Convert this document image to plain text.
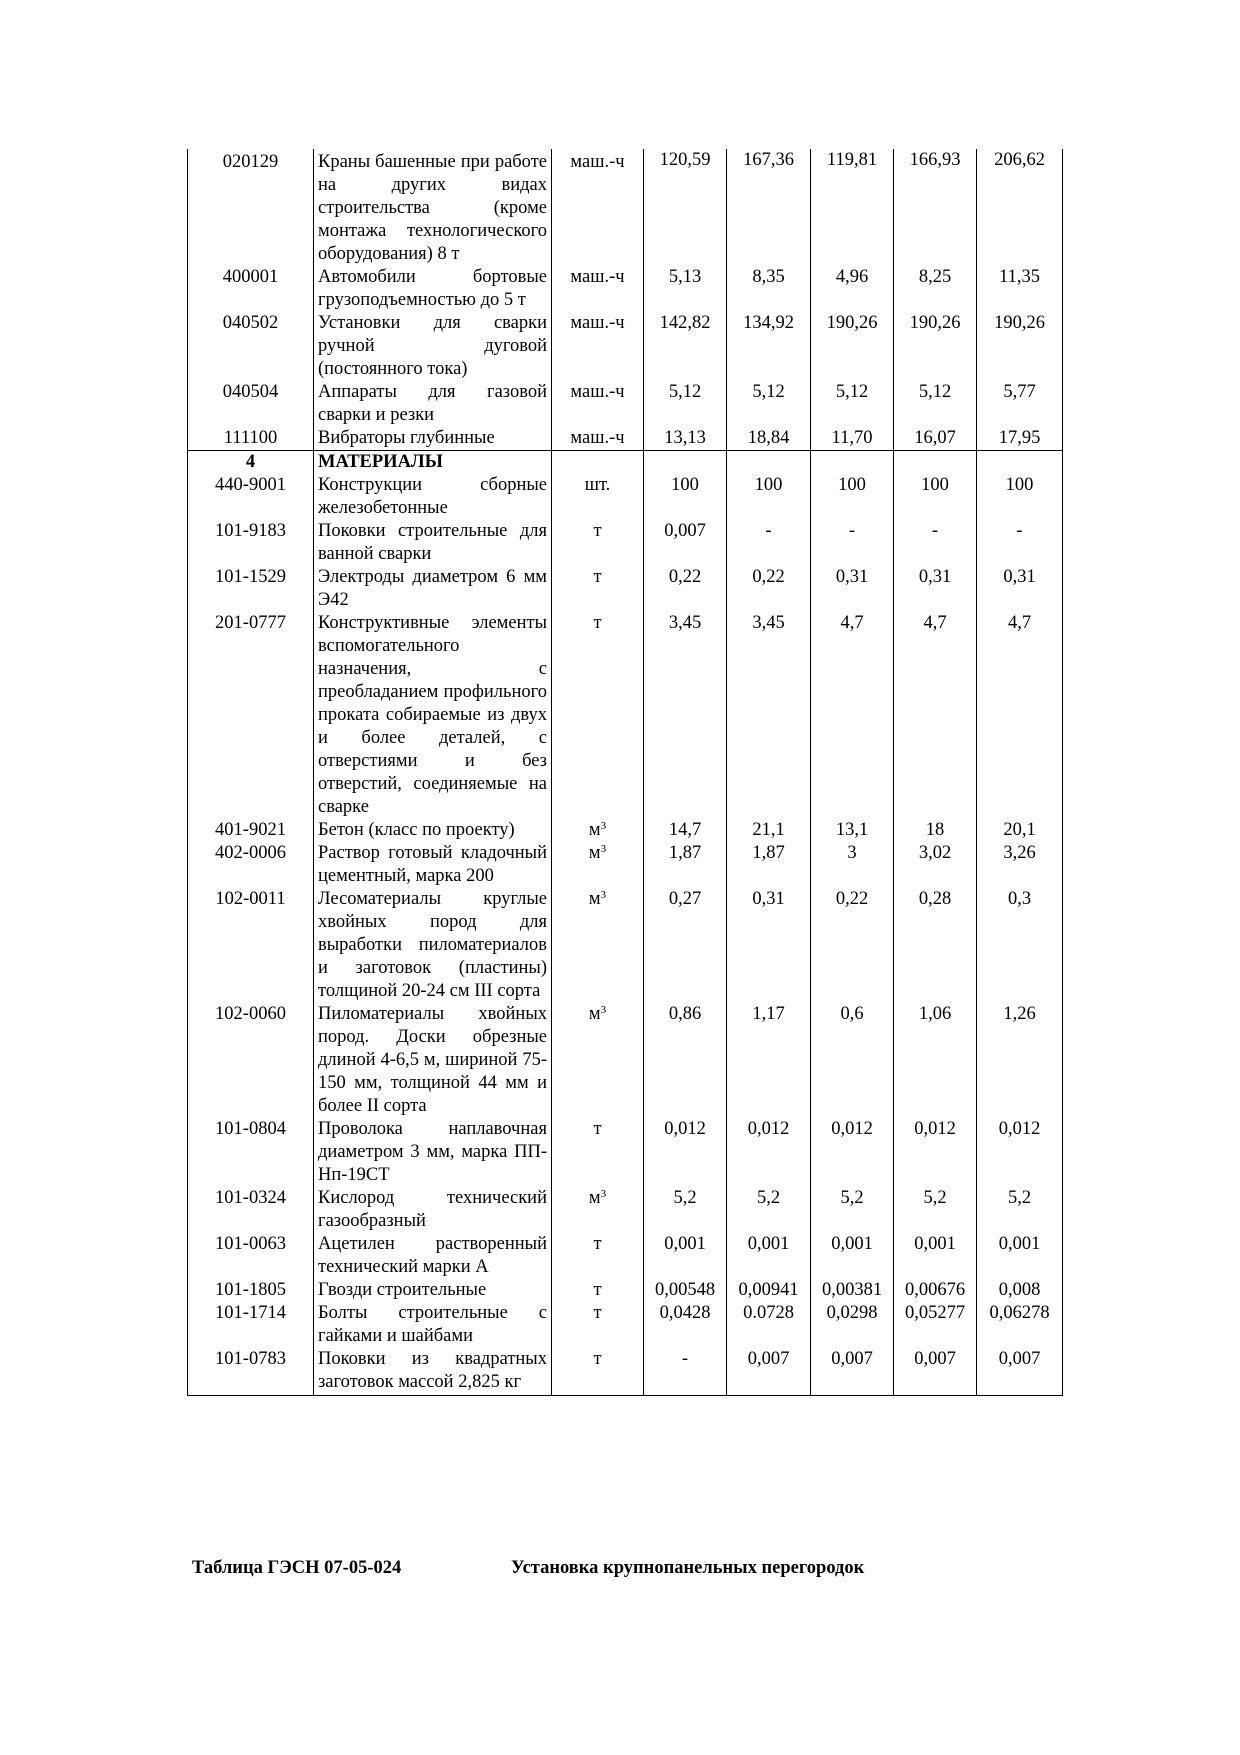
020129	Краны башенные при работе на других видах строительства (кроме монтажа технологического оборудования) 8 т	маш.-ч	120,59	167,36	119,81	166,93	206,62
400001	Автомобили бортовые грузоподъемностью до 5 т	маш.-ч	5,13	8,35	4,96	8,25	11,35
040502	Установки для сварки ручной дуговой (постоянного тока)	маш.-ч	142,82	134,92	190,26	190,26	190,26
040504	Аппараты для газовой сварки и резки	маш.-ч	5,12	5,12	5,12	5,12	5,77
111100	Вибраторы глубинные	маш.-ч	13,13	18,84	11,70	16,07	17,95
4	МАТЕРИАЛЫ						
440-9001	Конструкции сборные железобетонные	шт.	100	100	100	100	100
101-9183	Поковки строительные для ванной сварки	т	0,007	-	-	-	-
101-1529	Электроды диаметром 6 мм Э42	т	0,22	0,22	0,31	0,31	0,31
201-0777	Конструктивные элементы вспомогательного назначения, с преобладанием профильного проката собираемые из двух и более деталей, с отверстиями и без отверстий, соединяемые на сварке	т	3,45	3,45	4,7	4,7	4,7
401-9021	Бетон (класс по проекту)	$м^3$	14,7	21,1	13,1	18	20,1
402-0006	Раствор готовый кладочный цементный, марка 200	$м^3$	1,87	1,87	3	3,02	3,26
102-0011	Лесоматериалы круглые хвойных пород для выработки пиломатериалов и заготовок (пластины) толщиной 20-24 см III сорта	$м^3$	0,27	0,31	0,22	0,28	0,3
102-0060	Пиломатериалы хвойных пород. Доски обрезные длиной 4-6,5 м, шириной 75-150 мм, толщиной 44 мм и более II сорта	$м^3$	0,86	1,17	0,6	1,06	1,26
101-0804	Проволока наплавочная диаметром 3 мм, марка ПП-Нп-19СТ	т	0,012	0,012	0,012	0,012	0,012
101-0324	Кислород технический газообразный	$м^3$	5,2	5,2	5,2	5,2	5,2
101-0063	Ацетилен растворенный технический марки А	т	0,001	0,001	0,001	0,001	0,001
101-1805	Гвозди строительные	т	0,00548	0,00941	0,00381	0,00676	0,008
101-1714	Болты строительные с гайками и шайбами	т	0,0428	0.0728	0,0298	0,05277	0,06278
101-0783	Поковки из квадратных заготовок массой 2,825 кг	т	-	0,007	0,007	0,007	0,007
Таблица ГЭСН 07-05-024	Установка крупнопанельных перегородок
